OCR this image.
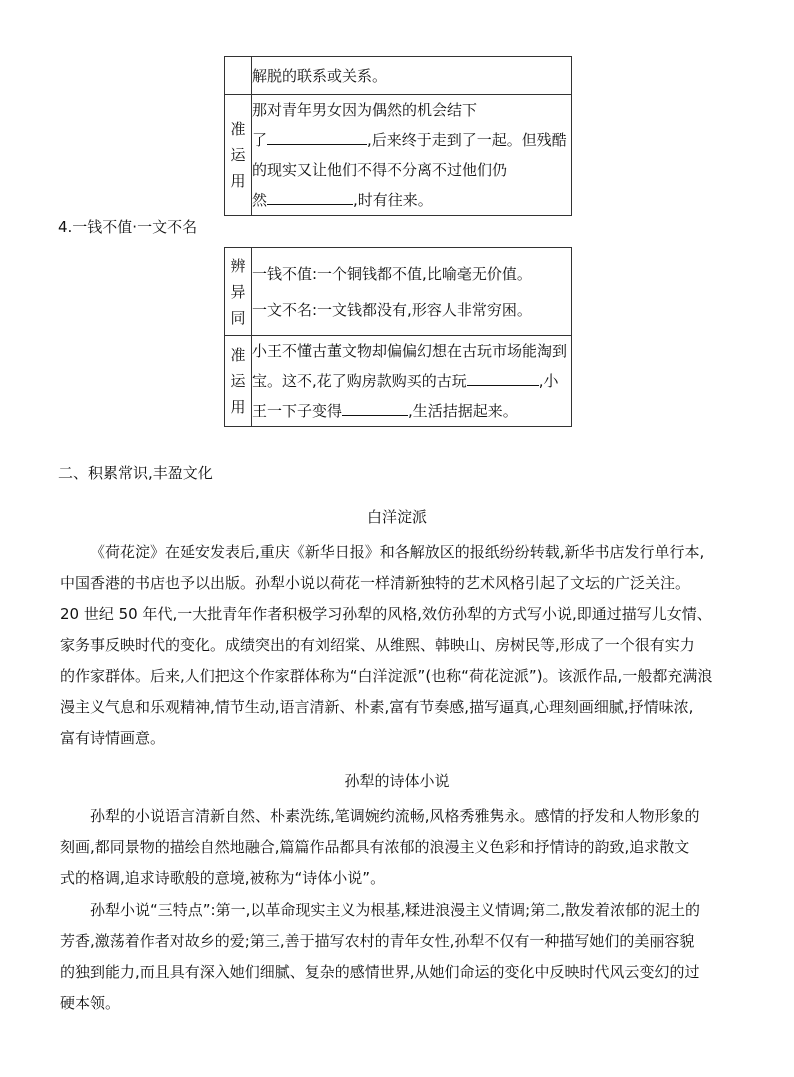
	解脱的联系或关系。

准
运
用	那对青年男女因为偶然的机会结下
了 ,后来终于走到了一起。但残酷
的现实又让他们不得不分离不过他们仍
然 ,时有往来。
4.一钱不值·一文不名
辨
异
同	一钱不值:一个铜钱都不值,比喻毫无价值。
一文不名:一文钱都没有,形容人非常穷困。

准
运
用	小王不懂古董文物却偏偏幻想在古玩市场能淘到
宝。这不,花了购房款购买的古玩 ,小
王一下子变得 ,生活拮据起来。
二、积累常识,丰盈文化
白洋淀派
《荷花淀》在延安发表后,重庆《新华日报》和各解放区的报纸纷纷转载,新华书店发行单行本,
中国香港的书店也予以出版。孙犁小说以荷花一样清新独特的艺术风格引起了文坛的广泛关注。
20 世纪 50 年代,一大批青年作者积极学习孙犁的风格,效仿孙犁的方式写小说,即通过描写儿女情、
家务事反映时代的变化。成绩突出的有刘绍棠、从维熙、韩映山、房树民等,形成了一个很有实力
的作家群体。后来,人们把这个作家群体称为“白洋淀派”(也称“荷花淀派”)。该派作品,一般都充满浪
漫主义气息和乐观精神,情节生动,语言清新、朴素,富有节奏感,描写逼真,心理刻画细腻,抒情味浓,
富有诗情画意。
孙犁的诗体小说
孙犁的小说语言清新自然、朴素洗练,笔调婉约流畅,风格秀雅隽永。感情的抒发和人物形象的
刻画,都同景物的描绘自然地融合,篇篇作品都具有浓郁的浪漫主义色彩和抒情诗的韵致,追求散文
式的格调,追求诗歌般的意境,被称为“诗体小说”。
孙犁小说“三特点”:第一,以革命现实主义为根基,糅进浪漫主义情调;第二,散发着浓郁的泥土的
芳香,激荡着作者对故乡的爱;第三,善于描写农村的青年女性,孙犁不仅有一种描写她们的美丽容貌
的独到能力,而且具有深入她们细腻、复杂的感情世界,从她们命运的变化中反映时代风云变幻的过
硬本领。
